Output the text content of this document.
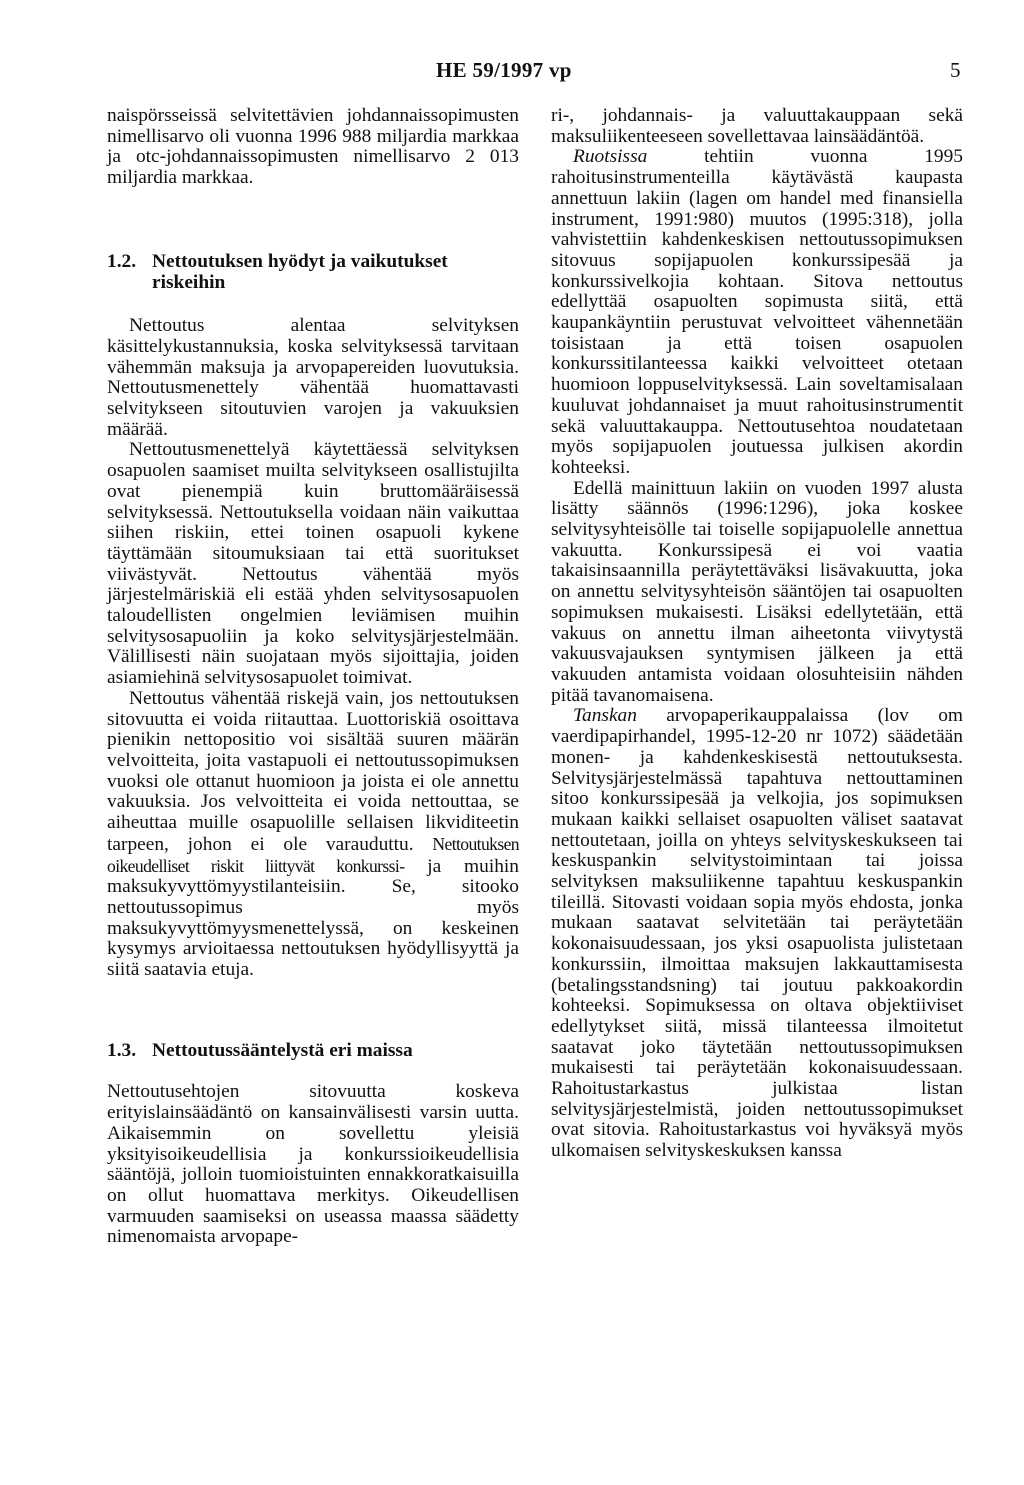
HE 59/1997 vp	5

naispörsseissä selvitettävien johdannaissopimusten nimellisarvo oli vuonna 1996 988 miljardia markkaa ja otc-johdannaissopimusten nimellisarvo 2 013 miljardia markkaa.

1.2. Nettoutuksen hyödyt ja vaikutukset riskeihin

Nettoutus alentaa selvityksen käsittelykustannuksia, koska selvityksessä tarvitaan vähemmän maksuja ja arvopapereiden luovutuksia. Nettoutusmenettely vähentää huomattavasti selvitykseen sitoutuvien varojen ja vakuuksien määrää.

Nettoutusmenettelyä käytettäessä selvityksen osapuolen saamiset muilta selvitykseen osallistujilta ovat pienempiä kuin bruttomääräisessä selvityksessä. Nettoutuksella voidaan näin vaikuttaa siihen riskiin, ettei toinen osapuoli kykene täyttämään sitoumuksiaan tai että suoritukset viivästyvät. Nettoutus vähentää myös järjestelmäriskiä eli estää yhden selvitysosapuolen taloudellisten ongelmien leviämisen muihin selvitysosapuoliin ja koko selvitysjärjestelmään. Välillisesti näin suojataan myös sijoittajia, joiden asiamiehinä selvitysosapuolet toimivat.

Nettoutus vähentää riskejä vain, jos nettoutuksen sitovuutta ei voida riitauttaa. Luottoriskiä osoittava pienikin nettopositio voi sisältää suuren määrän velvoitteita, joita vastapuoli ei nettoutussopimuksen vuoksi ole ottanut huomioon ja joista ei ole annettu vakuuksia. Jos velvoitteita ei voida nettouttaa, se aiheuttaa muille osapuolille sellaisen likviditeetin tarpeen, johon ei ole varauduttu. Nettoutuksen oikeudelliset riskit liittyvät konkurssi- ja muihin maksukyvyttömyystilanteisiin. Se, sitooko nettoutussopimus myös maksukyvyttömyysmenettelyssä, on keskeinen kysymys arvioitaessa nettoutuksen hyödyllisyyttä ja siitä saatavia etuja.

1.3. Nettoutussääntelystä eri maissa

Nettoutusehtojen sitovuutta koskeva erityislainsäädäntö on kansainvälisesti varsin uutta. Aikaisemmin on sovellettu yleisiä yksityisoikeudellisia ja konkurssioikeudellisia sääntöjä, jolloin tuomioistuinten ennakkoratkaisuilla on ollut huomattava merkitys. Oikeudellisen varmuuden saamiseksi on useassa maassa säädetty nimenomaista arvopape-

ri-, johdannais- ja valuuttakauppaan sekä maksuliikenteeseen sovellettavaa lainsäädäntöä.

Ruotsissa tehtiin vuonna 1995 rahoitusinstrumenteilla käytävästä kaupasta annettuun lakiin (lagen om handel med finansiella instrument, 1991:980) muutos (1995:318), jolla vahvistettiin kahdenkeskisen nettoutussopimuksen sitovuus sopijapuolen konkurssipesää ja konkurssivelkojia kohtaan. Sitova nettoutus edellyttää osapuolten sopimusta siitä, että kaupankäyntiin perustuvat velvoitteet vähennetään toisistaan ja että toisen osapuolen konkurssitilanteessa kaikki velvoitteet otetaan huomioon loppuselvityksessä. Lain soveltamisalaan kuuluvat johdannaiset ja muut rahoitusinstrumentit sekä valuuttakauppa. Nettoutusehtoa noudatetaan myös sopijapuolen joutuessa julkisen akordin kohteeksi.

Edellä mainittuun lakiin on vuoden 1997 alusta lisätty säännös (1996:1296), joka koskee selvitysyhteisölle tai toiselle sopijapuolelle annettua vakuutta. Konkurssipesä ei voi vaatia takaisinsaannilla peräytettäväksi lisävakuutta, joka on annettu selvitysyhteisön sääntöjen tai osapuolten sopimuksen mukaisesti. Lisäksi edellytetään, että vakuus on annettu ilman aiheetonta viivytystä vakuusvajauksen syntymisen jälkeen ja että vakuuden antamista voidaan olosuhteisiin nähden pitää tavanomaisena.

Tanskan arvopaperikauppalaissa (lov om vaerdipapirhandel, 1995-12-20 nr 1072) säädetään monen- ja kahdenkeskisestä nettoutuksesta. Selvitysjärjestelmässä tapahtuva nettouttaminen sitoo konkurssipesää ja velkojia, jos sopimuksen mukaan kaikki sellaiset osapuolten väliset saatavat nettoutetaan, joilla on yhteys selvityskeskukseen tai keskuspankin selvitystoimintaan tai joissa selvityksen maksuliikenne tapahtuu keskuspankin tileillä. Sitovasti voidaan sopia myös ehdosta, jonka mukaan saatavat selvitetään tai peräytetään kokonaisuudessaan, jos yksi osapuolista julistetaan konkurssiin, ilmoittaa maksujen lakkauttamisesta (betalingsstandsning) tai joutuu pakkoakordin kohteeksi. Sopimuksessa on oltava objektiiviset edellytykset siitä, missä tilanteessa ilmoitetut saatavat joko täytetään nettoutussopimuksen mukaisesti tai peräytetään kokonaisuudessaan. Rahoitustarkastus julkistaa listan selvitysjärjestelmistä, joiden nettoutussopimukset ovat sitovia. Rahoitustarkastus voi hyväksyä myös ulkomaisen selvityskeskuksen kanssa
